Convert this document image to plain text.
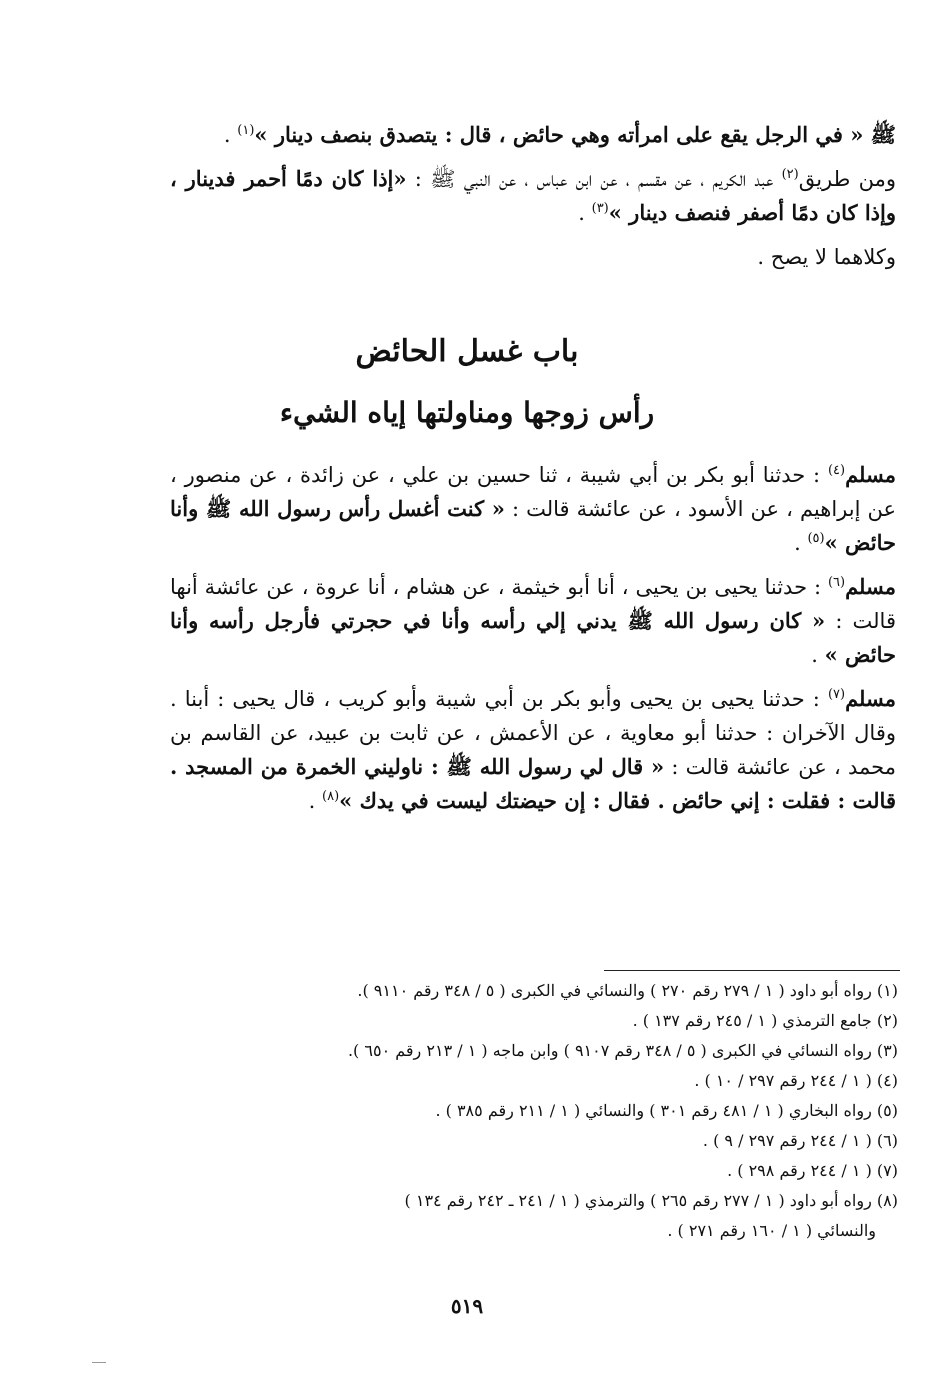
ﷺ « في الرجل يقع على امرأته وهي حائض ، قال : يتصدق بنصف دينار »$^{(١)}$ .

ومن طريق$^{(٢)}$ عبد الكريم ، عن مقسم ، عن ابن عباس ، عن النبي ﷺ : «إذا كان دمًا أحمر فدينار ، وإذا كان دمًا أصفر فنصف دينار »$^{(٣)}$ .

وكلاهما لا يصح .

باب غسل الحائض
رأس زوجها ومناولتها إياه الشيء

مسلم$^{(٤)}$ : حدثنا أبو بكر بن أبي شيبة ، ثنا حسين بن علي ، عن زائدة ، عن منصور ، عن إبراهيم ، عن الأسود ، عن عائشة قالت : « كنت أغسل رأس رسول الله ﷺ وأنا حائض »$^{(٥)}$ .

مسلم$^{(٦)}$ : حدثنا يحيى بن يحيى ، أنا أبو خيثمة ، عن هشام ، أنا عروة ، عن عائشة أنها قالت : « كان رسول الله ﷺ يدني إلي رأسه وأنا في حجرتي فأرجل رأسه وأنا حائض » .

مسلم$^{(٧)}$ : حدثنا يحيى بن يحيى وأبو بكر بن أبي شيبة وأبو كريب ، قال يحيى : أبنا . وقال الآخران : حدثنا أبو معاوية ، عن الأعمش ، عن ثابت بن عبيد، عن القاسم بن محمد ، عن عائشة قالت : « قال لي رسول الله ﷺ : ناوليني الخمرة من المسجد . قالت : فقلت : إني حائض . فقال : إن حيضتك ليست في يدك »$^{(٨)}$ .

(١) رواه أبو داود ( ١ / ٢٧٩ رقم ٢٧٠ ) والنسائي في الكبرى ( ٥ / ٣٤٨ رقم ٩١١٠ ).
(٢) جامع الترمذي ( ١ / ٢٤٥ رقم ١٣٧ ) .
(٣) رواه النسائي في الكبرى ( ٥ / ٣٤٨ رقم ٩١٠٧ ) وابن ماجه ( ١ / ٢١٣ رقم ٦٥٠ ).
(٤) ( ١ / ٢٤٤ رقم ٢٩٧ / ١٠ ) .
(٥) رواه البخاري ( ١ / ٤٨١ رقم ٣٠١ ) والنسائي ( ١ / ٢١١ رقم ٣٨٥ ) .
(٦) ( ١ / ٢٤٤ رقم ٢٩٧ / ٩ ) .
(٧) ( ١ / ٢٤٤ رقم ٢٩٨ ) .
(٨) رواه أبو داود ( ١ / ٢٧٧ رقم ٢٦٥ ) والترمذي ( ١ / ٢٤١ ـ ٢٤٢ رقم ١٣٤ )
والنسائي ( ١ / ١٦٠ رقم ٢٧١ ) .
٥١٩
